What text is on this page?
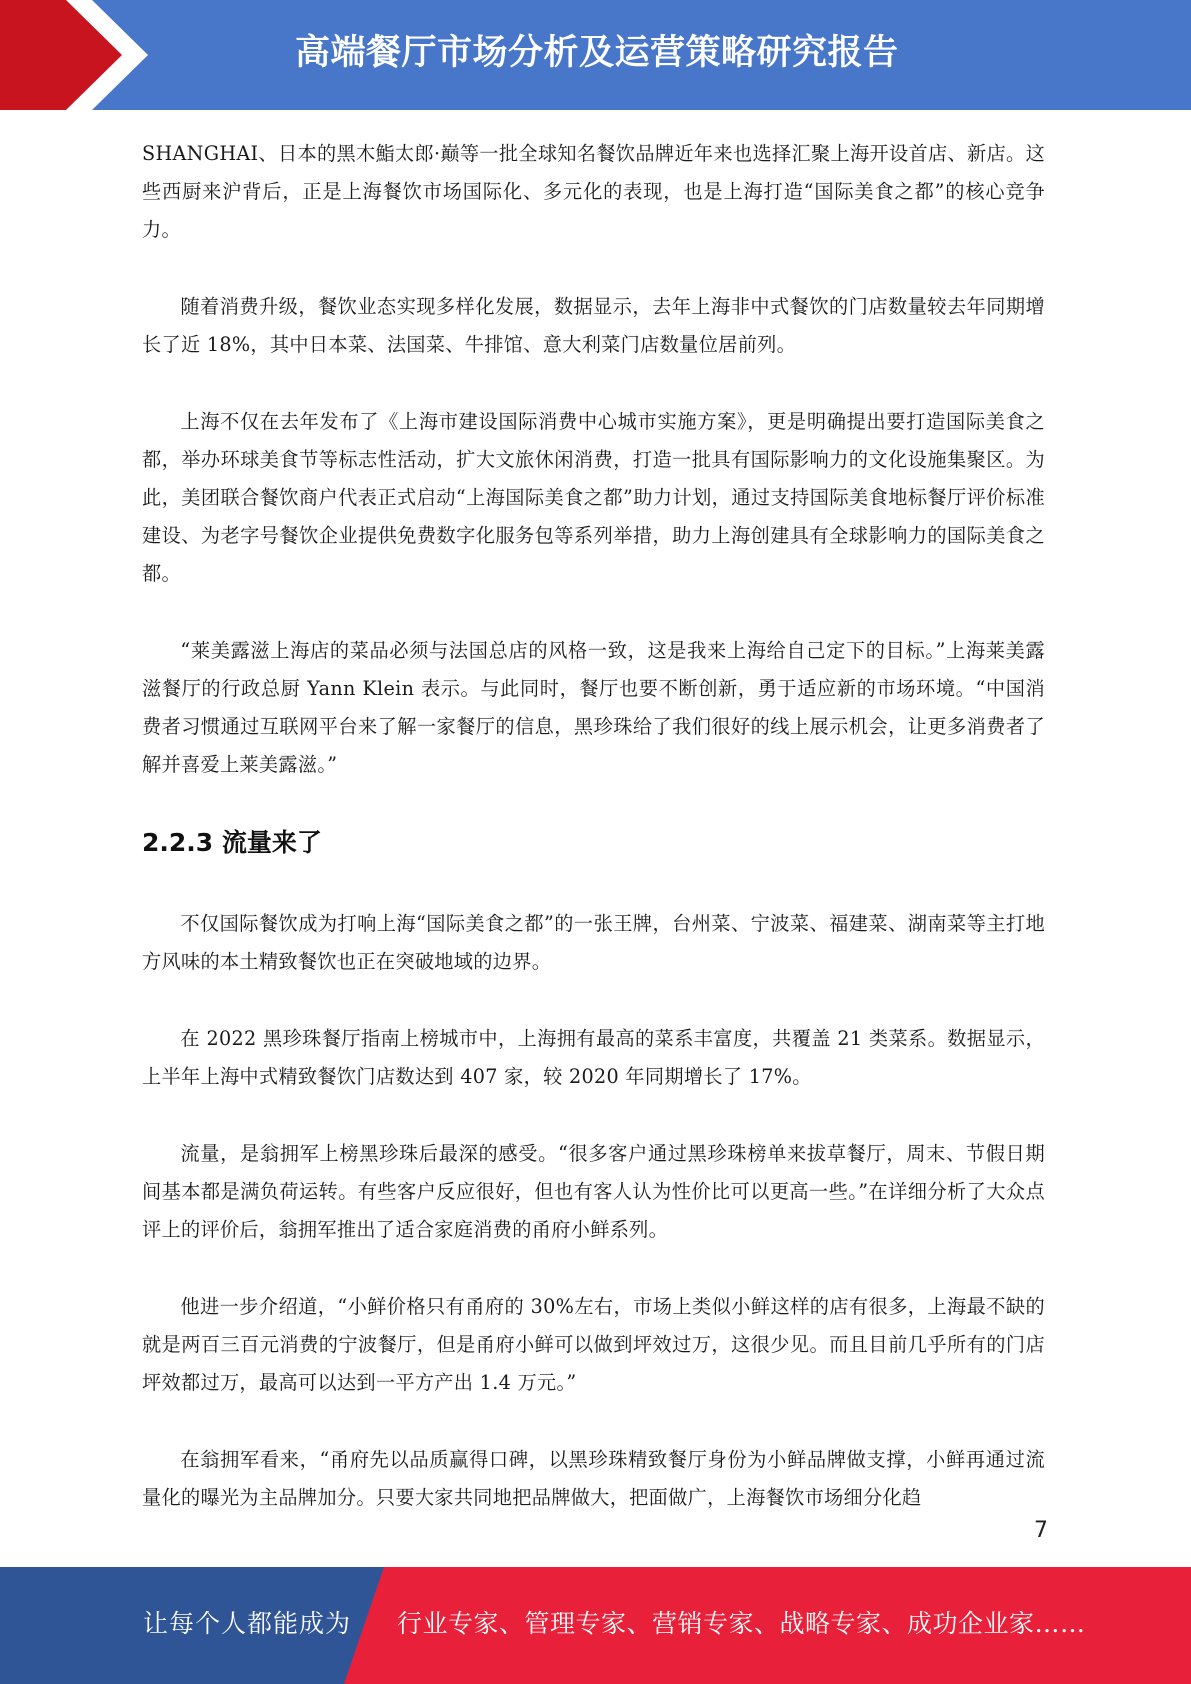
高端餐厅市场分析及运营策略研究报告

SHANGHAI、日本的黑木鮨太郎·巅等一批全球知名餐饮品牌近年来也选择汇聚上海开设首店、新店。这些西厨来沪背后，正是上海餐饮市场国际化、多元化的表现，也是上海打造“国际美食之都”的核心竞争力。

随着消费升级，餐饮业态实现多样化发展，数据显示，去年上海非中式餐饮的门店数量较去年同期增长了近 18%，其中日本菜、法国菜、牛排馆、意大利菜门店数量位居前列。

上海不仅在去年发布了《上海市建设国际消费中心城市实施方案》，更是明确提出要打造国际美食之都，举办环球美食节等标志性活动，扩大文旅休闲消费，打造一批具有国际影响力的文化设施集聚区。为此，美团联合餐饮商户代表正式启动“上海国际美食之都”助力计划，通过支持国际美食地标餐厅评价标准建设、为老字号餐饮企业提供免费数字化服务包等系列举措，助力上海创建具有全球影响力的国际美食之都。

“莱美露滋上海店的菜品必须与法国总店的风格一致，这是我来上海给自己定下的目标。”上海莱美露滋餐厅的行政总厨 Yann Klein 表示。与此同时，餐厅也要不断创新，勇于适应新的市场环境。“中国消费者习惯通过互联网平台来了解一家餐厅的信息，黑珍珠给了我们很好的线上展示机会，让更多消费者了解并喜爱上莱美露滋。”

2.2.3 流量来了

不仅国际餐饮成为打响上海“国际美食之都”的一张王牌，台州菜、宁波菜、福建菜、湖南菜等主打地方风味的本土精致餐饮也正在突破地域的边界。

在 2022 黑珍珠餐厅指南上榜城市中，上海拥有最高的菜系丰富度，共覆盖 21 类菜系。数据显示，上半年上海中式精致餐饮门店数达到 407 家，较 2020 年同期增长了 17%。

流量，是翁拥军上榜黑珍珠后最深的感受。“很多客户通过黑珍珠榜单来拔草餐厅，周末、节假日期间基本都是满负荷运转。有些客户反应很好，但也有客人认为性价比可以更高一些。”在详细分析了大众点评上的评价后，翁拥军推出了适合家庭消费的甬府小鲜系列。

他进一步介绍道，“小鲜价格只有甬府的 30%左右，市场上类似小鲜这样的店有很多，上海最不缺的就是两百三百元消费的宁波餐厅，但是甬府小鲜可以做到坪效过万，这很少见。而且目前几乎所有的门店坪效都过万，最高可以达到一平方产出 1.4 万元。”

在翁拥军看来，“甬府先以品质赢得口碑，以黑珍珠精致餐厅身份为小鲜品牌做支撑，小鲜再通过流量化的曝光为主品牌加分。只要大家共同地把品牌做大，把面做广，上海餐饮市场细分化趋

7
让每个人都能成为 行业专家、管理专家、营销专家、战略专家、成功企业家……
